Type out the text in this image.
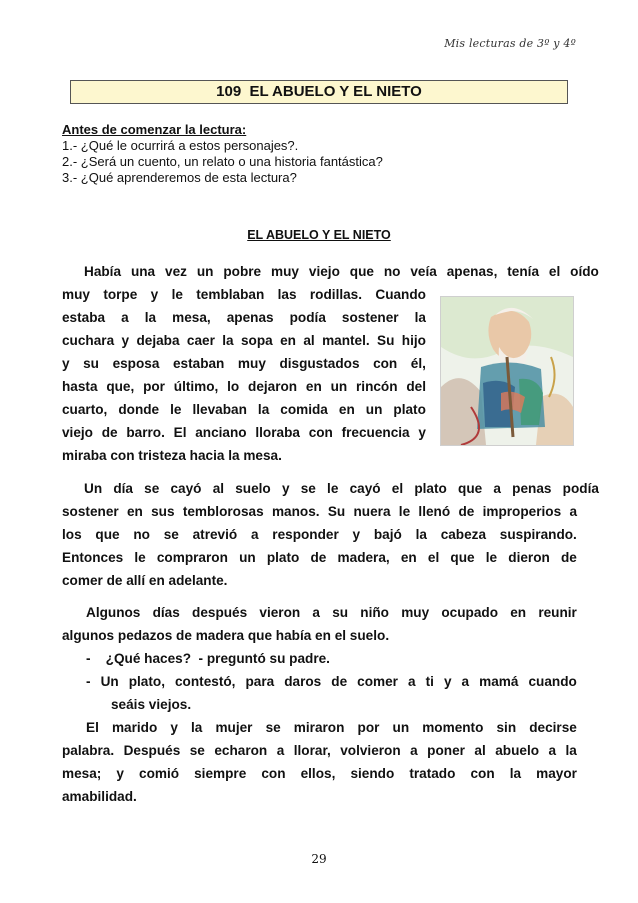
Mis lecturas de 3º y 4º
109 EL ABUELO Y EL NIETO
Antes de comenzar la lectura:
1.- ¿Qué le ocurrirá a estos personajes?.
2.- ¿Será un cuento, un relato o una historia fantástica?
3.- ¿Qué aprenderemos de esta lectura?
EL ABUELO Y EL NIETO
Había una vez un pobre muy viejo que no veía apenas, tenía el oído
muy torpe y le temblaban las rodillas. Cuando
estaba a la mesa, apenas podía sostener la
cuchara y dejaba caer la sopa en al mantel. Su hijo
y su esposa estaban muy disgustados con él,
hasta que, por último, lo dejaron en un rincón del
cuarto, donde le llevaban la comida en un plato
viejo de barro. El anciano lloraba con frecuencia y
miraba con tristeza hacia la mesa.
Un día se cayó al suelo y se le cayó el plato que a penas podía
sostener en sus temblorosas manos. Su nuera le llenó de improperios a
los que no se atrevió a responder y bajó la cabeza suspirando.
Entonces le compraron un plato de madera, en el que le dieron de
comer de allí en adelante.
Algunos días después vieron a su niño muy ocupado en reunir
algunos pedazos de madera que había en el suelo.
-    ¿Qué haces?  - preguntó su padre.
- Un plato, contestó, para daros de comer a ti y a mamá cuando
seáis viejos.
El marido y la mujer se miraron por un momento sin decirse
palabra. Después se echaron a llorar, volvieron a poner al abuelo a la
mesa; y comió siempre con ellos, siendo tratado con la mayor
amabilidad.
29
